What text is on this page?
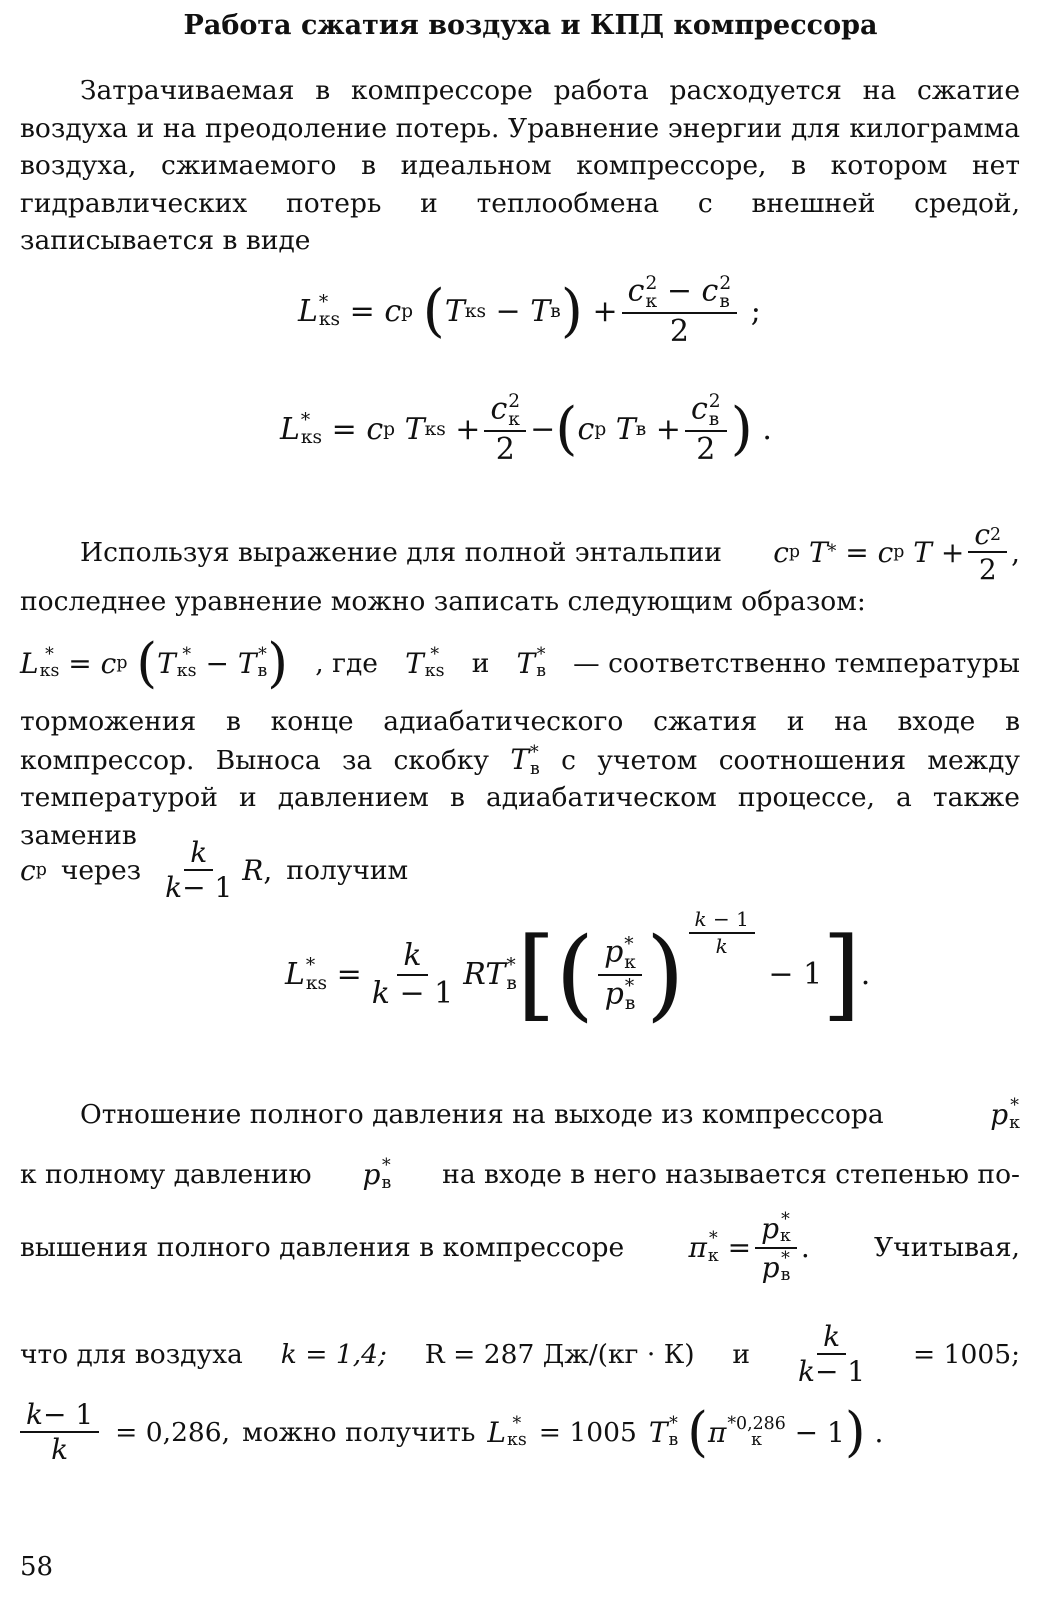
Работа сжатия воздуха и КПД компрессора

Затрачиваемая в компрессоре работа расходуется на сжатие воздуха и на преодоление потерь. Уравнение энергии для килограмма воздуха, сжимаемого в идеальном компрессоре, в котором нет гидравлических потерь и теплообмена с внешней средой, записывается в виде

L *
кs = c р
( T кs − T в ) + c 2
к − c 2
в
2 ;
L *
кs = c р
T кs + c 2
к
2 − ( c р
T в + c 2
в
2 ) .
Используя выражение для полной энтальпии c р
T * = c р
$T + \frac{c 2}{2}$ ,
последнее уравнение можно записать следующим образом:
L *
кs = c р
( T *
кs − T *
в ) , где T *
кs и T *
в — соответственно температуры

торможения в конце адиабатического сжатия и на входе в компрессор. Выноса за скобку T *
в с учетом соотношения между температурой и давлением в адиабатическом процессе, а также заменив

c р через $\frac{k}{k - 1}$ R , получим
L *
кs = $\frac{k}{k - 1}$ RT *
в [ ( p *
к
p *
в ) $\frac{k - 1}{k}$
− 1 ] .
Отношение полного давления на выходе из компрессора	p *
к
к полному давлению p *
в на входе в него называется степенью по-
вышения полного давления в компрессоре π *
к = p *
к
p *
в . Учитывая,
что для воздуха k = 1,4; R = 287 Дж/(кг · К) и $\frac{k}{k - 1} = 1005$;
$\frac{k - 1}{k} = 0,286$, можно получить L *
кs = 1005 T *
в
( π *0,286
к − 1 ) .
58
